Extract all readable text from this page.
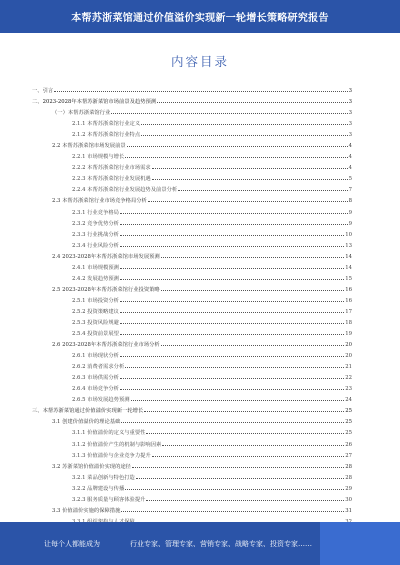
本帮苏浙菜馆通过价值溢价实现新一轮增长策略研究报告
内容目录
一、引言	3
二、2023-2028年本帮苏浙菜馆市场前景及趋势预测	3
（一）本帮苏浙菜馆行业	3
2.1.1 本帮苏浙菜馆行业定义	3
2.1.2 本帮苏浙菜馆行业特点	3
2.2 本帮苏浙菜馆市场发展前景	4
2.2.1 市场规模与增长	4
2.2.2 本帮苏浙菜馆行业市场需求	4
2.2.3 本帮苏浙菜馆行业发展机遇	5
2.2.4 本帮苏浙菜馆行业发展趋势及前景分析	7
2.3 本帮苏浙菜馆行业市场竞争格局分析	8
2.3.1 行业竞争格局	9
2.3.2 竞争优势分析	9
2.3.3 行业挑战分析	10
2.3.4 行业风险分析	13
2.4 2023-2028年本帮苏浙菜馆市场发展预测	14
2.4.1 市场规模预测	14
2.4.2 发展趋势预测	15
2.5 2023-2028年本帮苏浙菜馆行业投资策略	16
2.5.1 市场投资分析	16
2.5.2 投资策略建议	17
2.5.3 投资风险规避	18
2.5.4 投资前景展望	19
2.6 2023-2028年本帮苏浙菜馆行业市场分析	20
2.6.1 市场现状分析	20
2.6.2 消费者需求分析	21
2.6.3 市场供需分析	22
2.6.4 市场竞争分析	23
2.6.5 市场发展趋势预测	24
三、本帮苏浙菜馆通过价值溢价实现新一轮增长	25
3.1 创建价值溢价的理论基础	25
3.1.1 价值溢价的定义与重要性	25
3.1.2 价值溢价产生的机制与影响因素	26
3.1.3 价值溢价与企业竞争力提升	27
3.2 苏浙菜馆价值溢价实现的途径	28
3.2.1 菜品创新与特色打造	28
3.2.2 品牌建设与传播	29
3.2.3 服务质量与顾客体验提升	30
3.3 价值溢价实施的保障措施	31
让每个人都能成为	行业专家、管理专家、营销专家、战略专家、投资专家……
